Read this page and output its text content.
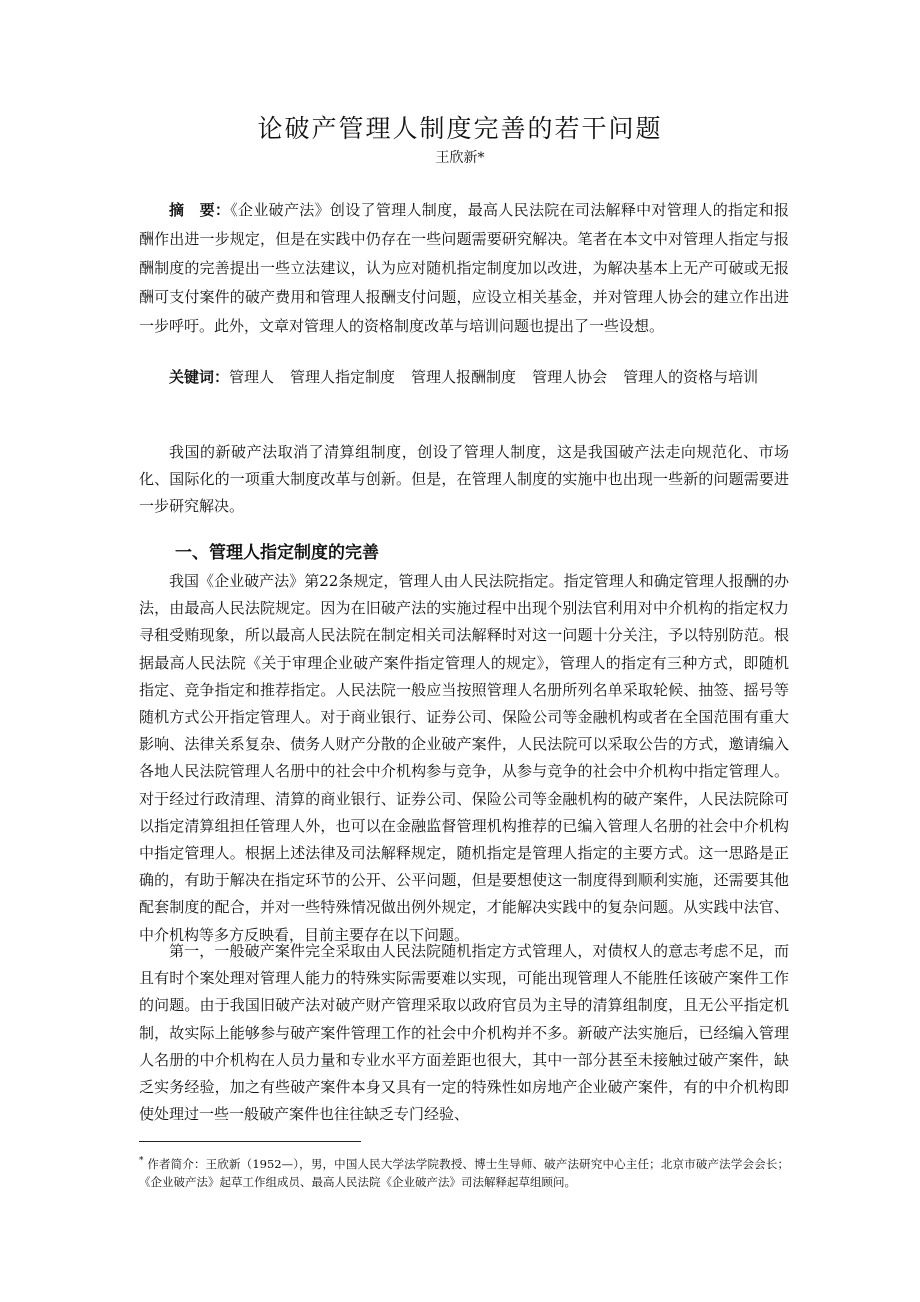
论破产管理人制度完善的若干问题
王欣新*

摘　要：《企业破产法》创设了管理人制度，最高人民法院在司法解释中对管理人的指定和报酬作出进一步规定，但是在实践中仍存在一些问题需要研究解决。笔者在本文中对管理人指定与报酬制度的完善提出一些立法建议，认为应对随机指定制度加以改进，为解决基本上无产可破或无报酬可支付案件的破产费用和管理人报酬支付问题，应设立相关基金，并对管理人协会的建立作出进一步呼吁。此外，文章对管理人的资格制度改革与培训问题也提出了一些设想。

关键词：管理人 管理人指定制度 管理人报酬制度 管理人协会 管理人的资格与培训

我国的新破产法取消了清算组制度，创设了管理人制度，这是我国破产法走向规范化、市场化、国际化的一项重大制度改革与创新。但是，在管理人制度的实施中也出现一些新的问题需要进一步研究解决。

一、管理人指定制度的完善

我国《企业破产法》第22条规定，管理人由人民法院指定。指定管理人和确定管理人报酬的办法，由最高人民法院规定。因为在旧破产法的实施过程中出现个别法官利用对中介机构的指定权力寻租受贿现象，所以最高人民法院在制定相关司法解释时对这一问题十分关注，予以特别防范。根据最高人民法院《关于审理企业破产案件指定管理人的规定》，管理人的指定有三种方式，即随机指定、竞争指定和推荐指定。人民法院一般应当按照管理人名册所列名单采取轮候、抽签、摇号等随机方式公开指定管理人。对于商业银行、证券公司、保险公司等金融机构或者在全国范围有重大影响、法律关系复杂、债务人财产分散的企业破产案件，人民法院可以采取公告的方式，邀请编入各地人民法院管理人名册中的社会中介机构参与竞争，从参与竞争的社会中介机构中指定管理人。对于经过行政清理、清算的商业银行、证券公司、保险公司等金融机构的破产案件，人民法院除可以指定清算组担任管理人外，也可以在金融监督管理机构推荐的已编入管理人名册的社会中介机构中指定管理人。根据上述法律及司法解释规定，随机指定是管理人指定的主要方式。这一思路是正确的，有助于解决在指定环节的公开、公平问题，但是要想使这一制度得到顺利实施，还需要其他配套制度的配合，并对一些特殊情况做出例外规定，才能解决实践中的复杂问题。从实践中法官、中介机构等多方反映看，目前主要存在以下问题。

第一，一般破产案件完全采取由人民法院随机指定方式管理人，对债权人的意志考虑不足，而且有时个案处理对管理人能力的特殊实际需要难以实现，可能出现管理人不能胜任该破产案件工作的问题。由于我国旧破产法对破产财产管理采取以政府官员为主导的清算组制度，且无公平指定机制，故实际上能够参与破产案件管理工作的社会中介机构并不多。新破产法实施后，已经编入管理人名册的中介机构在人员力量和专业水平方面差距也很大，其中一部分甚至未接触过破产案件，缺乏实务经验，加之有些破产案件本身又具有一定的特殊性如房地产企业破产案件，有的中介机构即使处理过一些一般破产案件也往往缺乏专门经验、

* 作者简介：王欣新（1952—），男，中国人民大学法学院教授、博士生导师、破产法研究中心主任；北京市破产法学会会长；《企业破产法》起草工作组成员、最高人民法院《企业破产法》司法解释起草组顾问。
